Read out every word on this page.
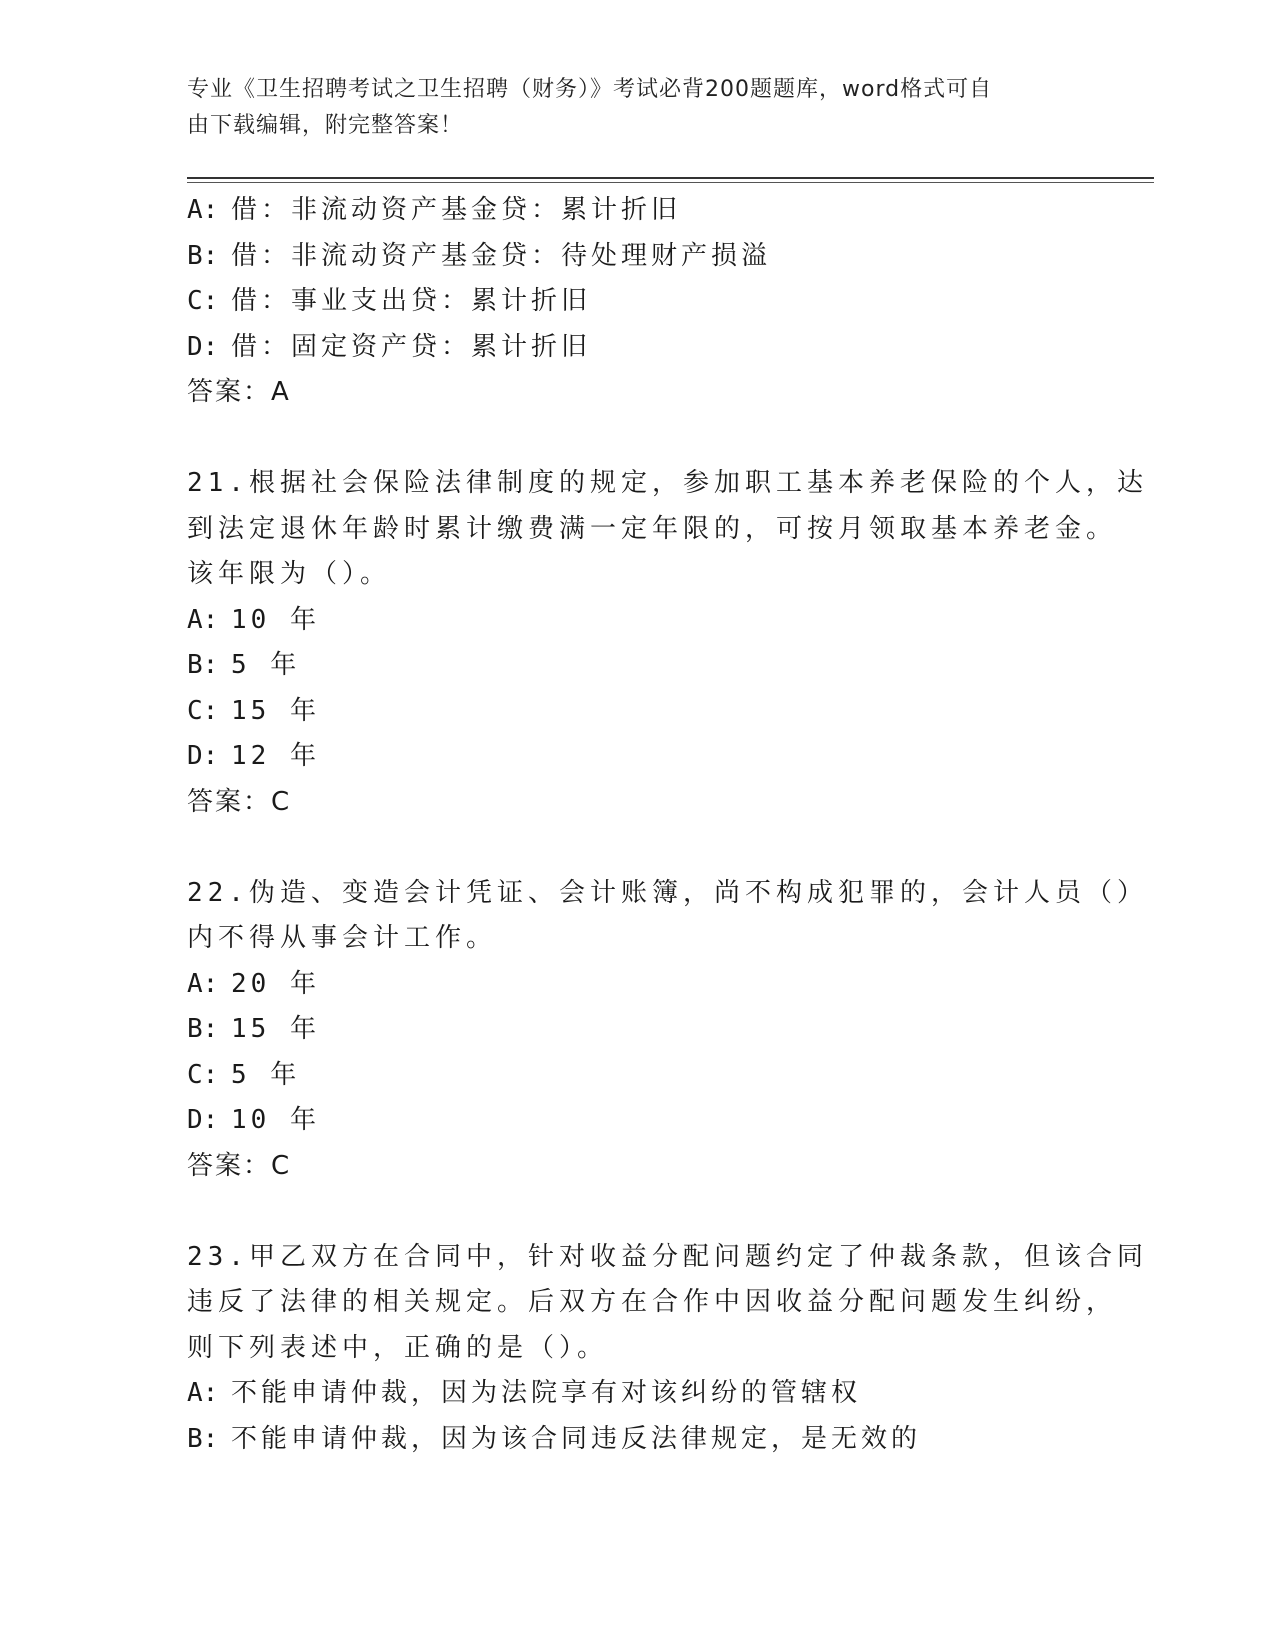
专业《卫生招聘考试之卫生招聘（财务）》考试必背200题题库，word格式可自
由下载编辑，附完整答案！
A: 借：非流动资产基金贷：累计折旧
B: 借：非流动资产基金贷：待处理财产损溢
C: 借：事业支出贷：累计折旧
D: 借：固定资产贷：累计折旧
答案：A
21.根据社会保险法律制度的规定，参加职工基本养老保险的个人，达
到法定退休年龄时累计缴费满一定年限的，可按月领取基本养老金。
该年限为（）。
A: 10 年
B: 5 年
C: 15 年
D: 12 年
答案：C
22.伪造、变造会计凭证、会计账簿，尚不构成犯罪的，会计人员（）
内不得从事会计工作。
A: 20 年
B: 15 年
C: 5 年
D: 10 年
答案：C
23.甲乙双方在合同中，针对收益分配问题约定了仲裁条款，但该合同
违反了法律的相关规定。后双方在合作中因收益分配问题发生纠纷，
则下列表述中，正确的是（）。
A: 不能申请仲裁，因为法院享有对该纠纷的管辖权
B: 不能申请仲裁，因为该合同违反法律规定，是无效的
